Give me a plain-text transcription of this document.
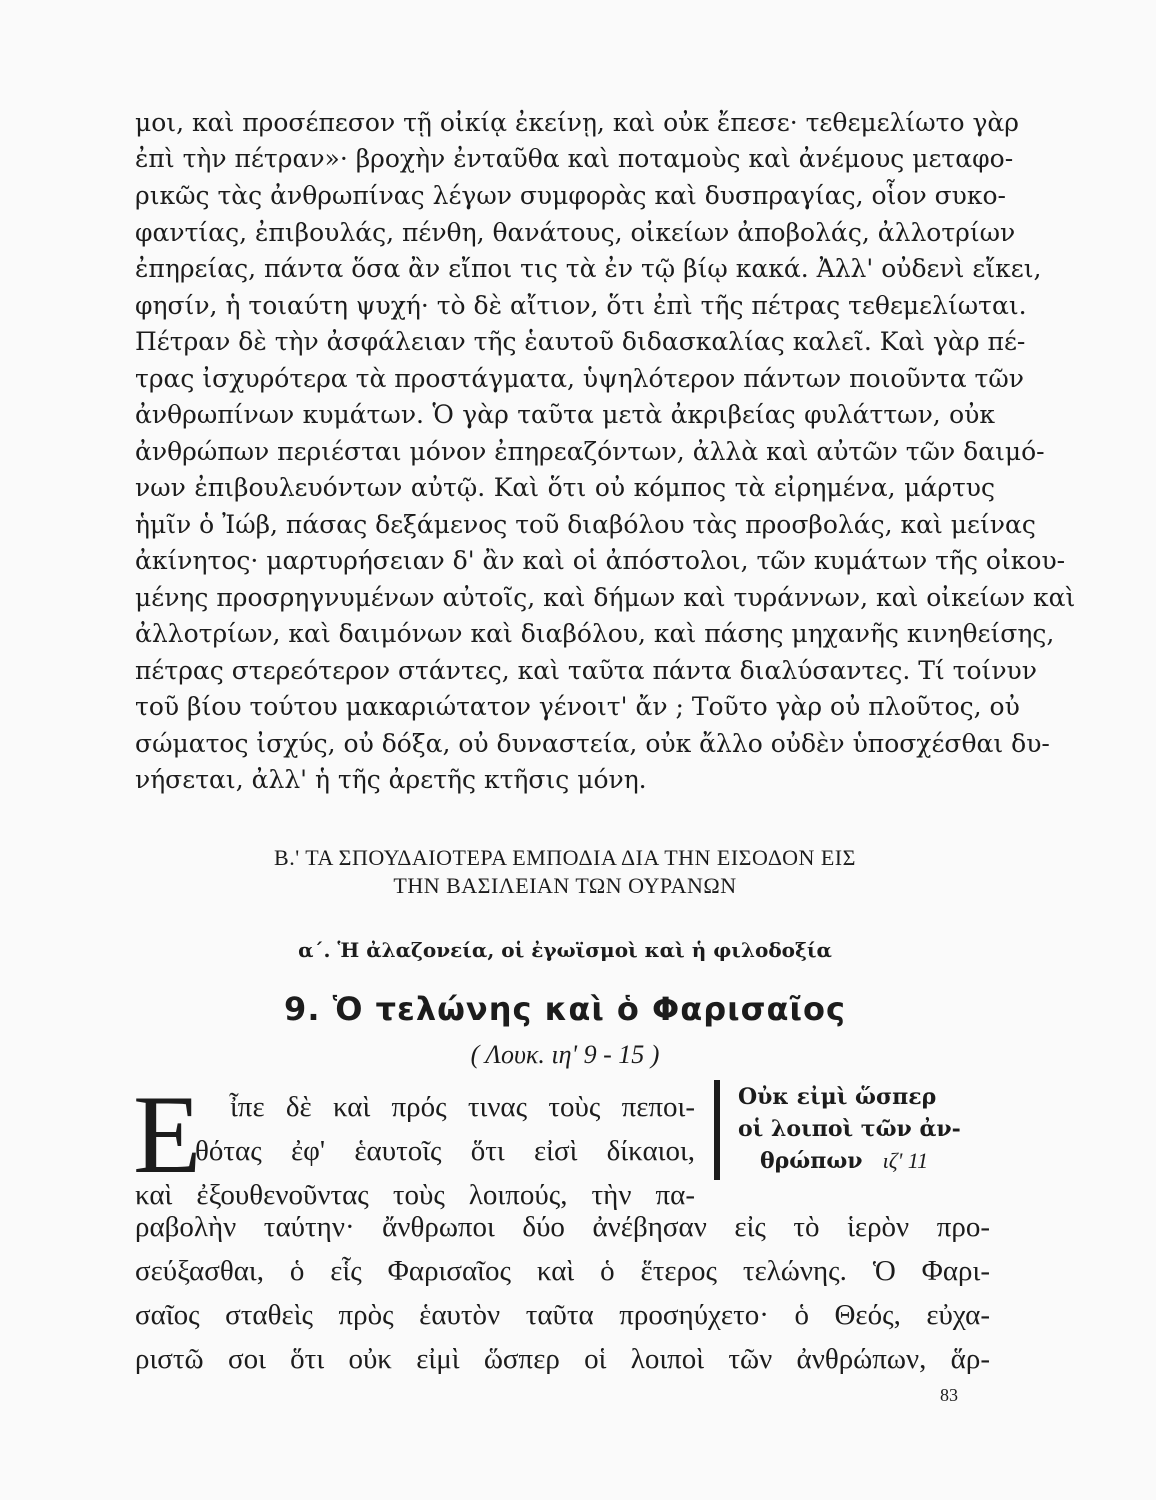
μοι, καὶ προσέπεσον τῇ οἰκίᾳ ἐκείνῃ, καὶ οὐκ ἔπεσε· τεθεμελίωτο γὰρ
ἐπὶ τὴν πέτραν»· βροχὴν ἐνταῦθα καὶ ποταμοὺς καὶ ἀνέμους μεταφο-
ρικῶς τὰς ἀνθρωπίνας λέγων συμφορὰς καὶ δυσπραγίας, οἷον συκο-
φαντίας, ἐπιβουλάς, πένθη, θανάτους, οἰκείων ἀποβολάς, ἀλλοτρίων
ἐπηρείας, πάντα ὅσα ἂν εἴποι τις τὰ ἐν τῷ βίῳ κακά. Ἀλλ' οὐδενὶ εἴκει,
φησίν, ἡ τοιαύτη ψυχή· τὸ δὲ αἴτιον, ὅτι ἐπὶ τῆς πέτρας τεθεμελίωται.
Πέτραν δὲ τὴν ἀσφάλειαν τῆς ἑαυτοῦ διδασκαλίας καλεῖ. Καὶ γὰρ πέ-
τρας ἰσχυρότερα τὰ προστάγματα, ὑψηλότερον πάντων ποιοῦντα τῶν
ἀνθρωπίνων κυμάτων. Ὁ γὰρ ταῦτα μετὰ ἀκριβείας φυλάττων, οὐκ
ἀνθρώπων περιέσται μόνον ἐπηρεαζόντων, ἀλλὰ καὶ αὐτῶν τῶν δαιμό-
νων ἐπιβουλευόντων αὐτῷ. Καὶ ὅτι οὐ κόμπος τὰ εἰρημένα, μάρτυς
ἡμῖν ὁ Ἰώβ, πάσας δεξάμενος τοῦ διαβόλου τὰς προσβολάς, καὶ μείνας
ἀκίνητος· μαρτυρήσειαν δ' ἂν καὶ οἱ ἀπόστολοι, τῶν κυμάτων τῆς οἰκου-
μένης προσρηγνυμένων αὐτοῖς, καὶ δήμων καὶ τυράννων, καὶ οἰκείων καὶ
ἀλλοτρίων, καὶ δαιμόνων καὶ διαβόλου, καὶ πάσης μηχανῆς κινηθείσης,
πέτρας στερεότερον στάντες, καὶ ταῦτα πάντα διαλύσαντες. Τί τοίνυν
τοῦ βίου τούτου μακαριώτατον γένοιτ' ἄν ; Τοῦτο γὰρ οὐ πλοῦτος, οὐ
σώματος ἰσχύς, οὐ δόξα, οὐ δυναστεία, οὐκ ἄλλο οὐδὲν ὑποσχέσθαι δυ-
νήσεται, ἀλλ' ἡ τῆς ἀρετῆς κτῆσις μόνη.
Β.' ΤΑ ΣΠΟΥΔΑΙΟΤΕΡΑ ΕΜΠΟΔΙΑ ΔΙΑ ΤΗΝ ΕΙΣΟΔΟΝ ΕΙΣ
ΤΗΝ ΒΑΣΙΛΕΙΑΝ ΤΩΝ ΟΥΡΑΝΩΝ
α΄. Ἡ ἀλαζονεία, οἱ ἐγωϊσμοὶ καὶ ἡ φιλοδοξία
9. Ὁ τελώνης καὶ ὁ Φαρισαῖος
( Λουκ. ιη' 9 - 15 )
Ε ἶπε δὲ καὶ πρός τινας τοὺς πεποι-
θότας ἐφ' ἑαυτοῖς ὅτι εἰσὶ δίκαιοι,
καὶ ἐξουθενοῦντας τοὺς λοιπούς, τὴν πα-
Οὐκ εἰμὶ ὥσπερ
οἱ λοιποὶ τῶν ἀν-
θρώπων ιζ' 11
ραβολὴν ταύτην· ἄνθρωποι δύο ἀνέβησαν εἰς τὸ ἱερὸν προ-
σεύξασθαι, ὁ εἷς Φαρισαῖος καὶ ὁ ἕτερος τελώνης. Ὁ Φαρι-
σαῖος σταθεὶς πρὸς ἑαυτὸν ταῦτα προσηύχετο· ὁ Θεός, εὐχα-
ριστῶ σοι ὅτι οὐκ εἰμὶ ὥσπερ οἱ λοιποὶ τῶν ἀνθρώπων, ἅρ-
83
